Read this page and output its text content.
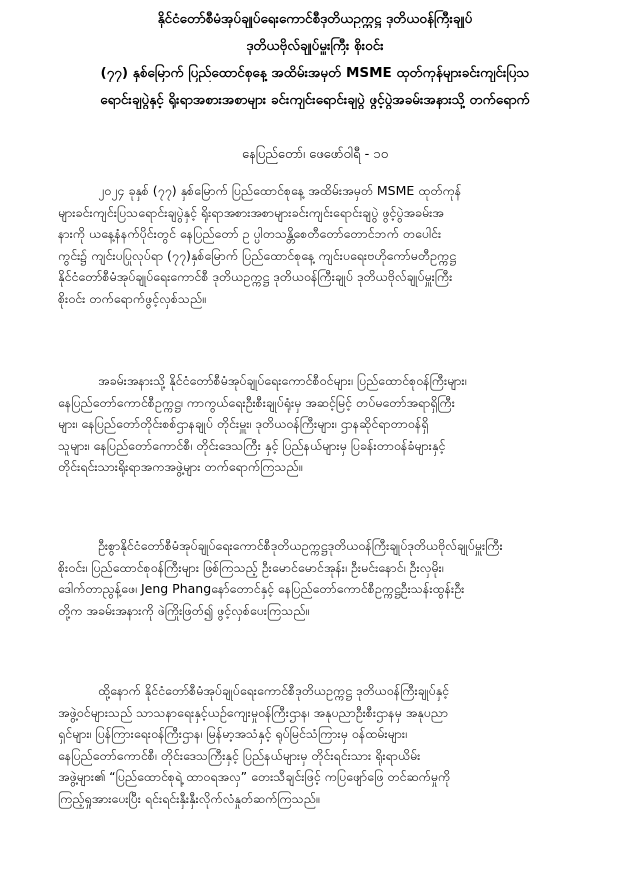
နိုင်ငံတော်စီမံအုပ်ချုပ်ရေးကောင်စီဒုတိယဥက္ကဋ္ဌ ဒုတိယဝန်ကြီးချုပ်
ဒုတိယဗိုလ်ချုပ်မှူးကြီး စိုးဝင်း
(၇၇) နှစ်မြောက် ပြည်ထောင်စုနေ့ အထိမ်းအမှတ် MSME ထုတ်ကုန်များခင်းကျင်းပြသ
ရောင်းချပွဲနှင့် ရိုးရာအစားအစာများ ခင်းကျင်းရောင်းချပွဲ ဖွင့်ပွဲအခမ်းအနားသို့ တက်ရောက်
နေပြည်တော်၊ ဖေဖော်ဝါရီ - ၁၀
၂၀၂၄ ခုနှစ် (၇၇) နှစ်မြောက် ပြည်ထောင်စုနေ့ အထိမ်းအမှတ် MSME ထုတ်ကုန်
များခင်းကျင်းပြသရောင်းချပွဲနှင့် ရိုးရာအစားအစာများခင်းကျင်းရောင်းချပွဲ ဖွင့်ပွဲအခမ်းအ
နားကို ယနေ့နံနက်ပိုင်းတွင် နေပြည်တော် ဥ ပ္ပါတသန္တိစေတီတော်တောင်ဘက် တပေါင်း
ကွင်း၌ ကျင်းပပြုလုပ်ရာ (၇၇)နှစ်မြောက် ပြည်ထောင်စုနေ့ ကျင်းပရေးဗဟိုကော်မတီဥက္ကဋ္ဌ
နိုင်ငံတော်စီမံအုပ်ချုပ်ရေးကောင်စီ ဒုတိယဥက္ကဋ္ဌ ဒုတိယဝန်ကြီးချုပ် ဒုတိယဗိုလ်ချုပ်မှူးကြီး
စိုးဝင်း တက်ရောက်ဖွင့်လှစ်သည်။
အခမ်းအနားသို့ နိုင်ငံတော်စီမံအုပ်ချုပ်ရေးကောင်စီဝင်များ၊ ပြည်ထောင်စုဝန်ကြီးများ၊
နေပြည်တော်ကောင်စီဥက္ကဋ္ဌ၊ ကာကွယ်ရေးဦးစီးချုပ်ရုံးမှ အဆင့်မြင့် တပ်မတော်အရာရှိကြီး
များ၊ နေပြည်တော်တိုင်းစစ်ဌာနချုပ် တိုင်းမှူး၊ ဒုတိယဝန်ကြီးများ၊ ဌာနဆိုင်ရာတာဝန်ရှိ
သူများ၊ နေပြည်တော်ကောင်စီ၊ တိုင်းဒေသကြီး နှင့် ပြည်နယ်များမှ ပြခန်းတာဝန်ခံများနှင့်
တိုင်းရင်းသားရိုးရာအကအဖွဲ့များ တက်ရောက်ကြသည်။
ဦးစွာနိုင်ငံတော်စီမံအုပ်ချုပ်ရေးကောင်စီဒုတိယဥက္ကဋ္ဌဒုတိယဝန်ကြီးချုပ်ဒုတိယဗိုလ်ချုပ်မှူးကြီး
စိုးဝင်း၊ ပြည်ထောင်စုဝန်ကြီးများ ဖြစ်ကြသည့် ဦးမောင်မောင်အုန်း၊ ဦးမင်းနောင်၊ ဦးလှမိုး၊
ဒေါက်တာညွန့်ဖေ၊ Jeng Phangနော်တောင်နှင့် နေပြည်တော်ကောင်စီဥက္ကဋ္ဌဦးသန်းထွန်းဦး
တို့က အခမ်းအနားကို ဖဲကြိုးဖြတ်၍ ဖွင့်လှစ်ပေးကြသည်။
ထို့နောက် နိုင်ငံတော်စီမံအုပ်ချုပ်ရေးကောင်စီဒုတိယဥက္ကဋ္ဌ ဒုတိယဝန်ကြီးချုပ်နှင့်
အဖွဲ့ဝင်များသည် သာသနာရေးနှင့်ယဉ်ကျေးမှုဝန်ကြီးဌာန၊ အနုပညာဦးစီးဌာနမှ အနုပညာ
ရှင်များ၊ ပြန်ကြားရေးဝန်ကြီးဌာန၊ မြန်မာ့အသံနှင့် ရုပ်မြင်သံကြားမှ ဝန်ထမ်းများ၊
နေပြည်တော်ကောင်စီ၊ တိုင်းဒေသကြီးနှင့် ပြည်နယ်များမှ တိုင်းရင်းသား ရိုးရာယိမ်း
အဖွဲ့များ၏ “ပြည်ထောင်စုရဲ့ ထာဝရအလှ” တေးသီချင်းဖြင့် ကပြဖျော်ဖြေ တင်ဆက်မှုကို
ကြည့်ရှုအားပေးပြီး ရင်းရင်းနှီးနှီးလိုက်လံနှုတ်ဆက်ကြသည်။
